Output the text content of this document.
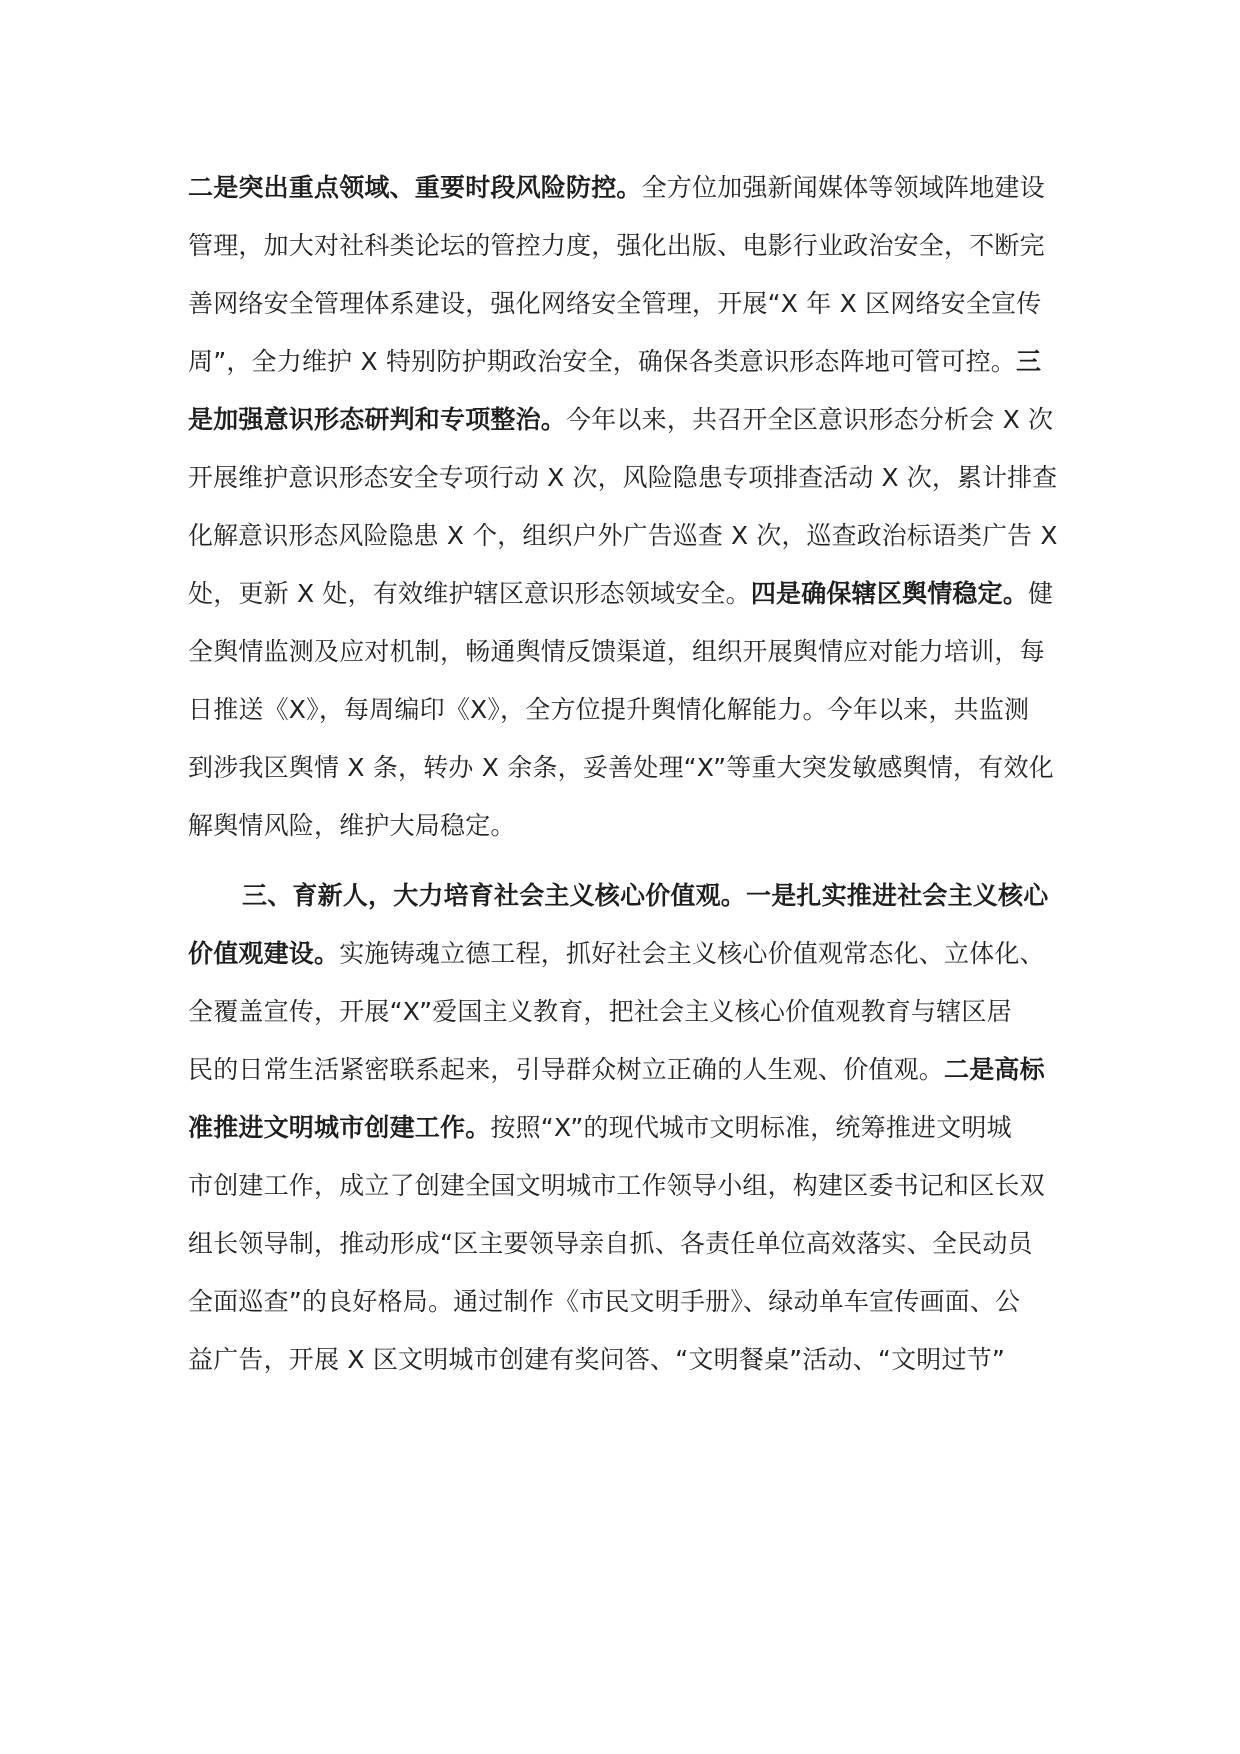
二是突出重点领域、重要时段风险防控。全方位加强新闻媒体等领域阵地建设
管理，加大对社科类论坛的管控力度，强化出版、电影行业政治安全，不断完
善网络安全管理体系建设，强化网络安全管理，开展“X 年 X 区网络安全宣传
周”，全力维护 X 特别防护期政治安全，确保各类意识形态阵地可管可控。三
是加强意识形态研判和专项整治。今年以来，共召开全区意识形态分析会 X 次
开展维护意识形态安全专项行动 X 次，风险隐患专项排查活动 X 次，累计排查
化解意识形态风险隐患 X 个，组织户外广告巡查 X 次，巡查政治标语类广告 X
处，更新 X 处，有效维护辖区意识形态领域安全。四是确保辖区舆情稳定。健
全舆情监测及应对机制，畅通舆情反馈渠道，组织开展舆情应对能力培训，每
日推送《X》，每周编印《X》，全方位提升舆情化解能力。今年以来，共监测
到涉我区舆情 X 条，转办 X 余条，妥善处理“X”等重大突发敏感舆情，有效化
解舆情风险，维护大局稳定。
三、育新人，大力培育社会主义核心价值观。一是扎实推进社会主义核心
价值观建设。实施铸魂立德工程，抓好社会主义核心价值观常态化、立体化、
全覆盖宣传，开展“X”爱国主义教育，把社会主义核心价值观教育与辖区居
民的日常生活紧密联系起来，引导群众树立正确的人生观、价值观。二是高标
准推进文明城市创建工作。按照“X”的现代城市文明标准，统筹推进文明城
市创建工作，成立了创建全国文明城市工作领导小组，构建区委书记和区长双
组长领导制，推动形成“区主要领导亲自抓、各责任单位高效落实、全民动员
全面巡查”的良好格局。通过制作《市民文明手册》、绿动单车宣传画面、公
益广告，开展 X 区文明城市创建有奖问答、“文明餐桌”活动、“文明过节”
